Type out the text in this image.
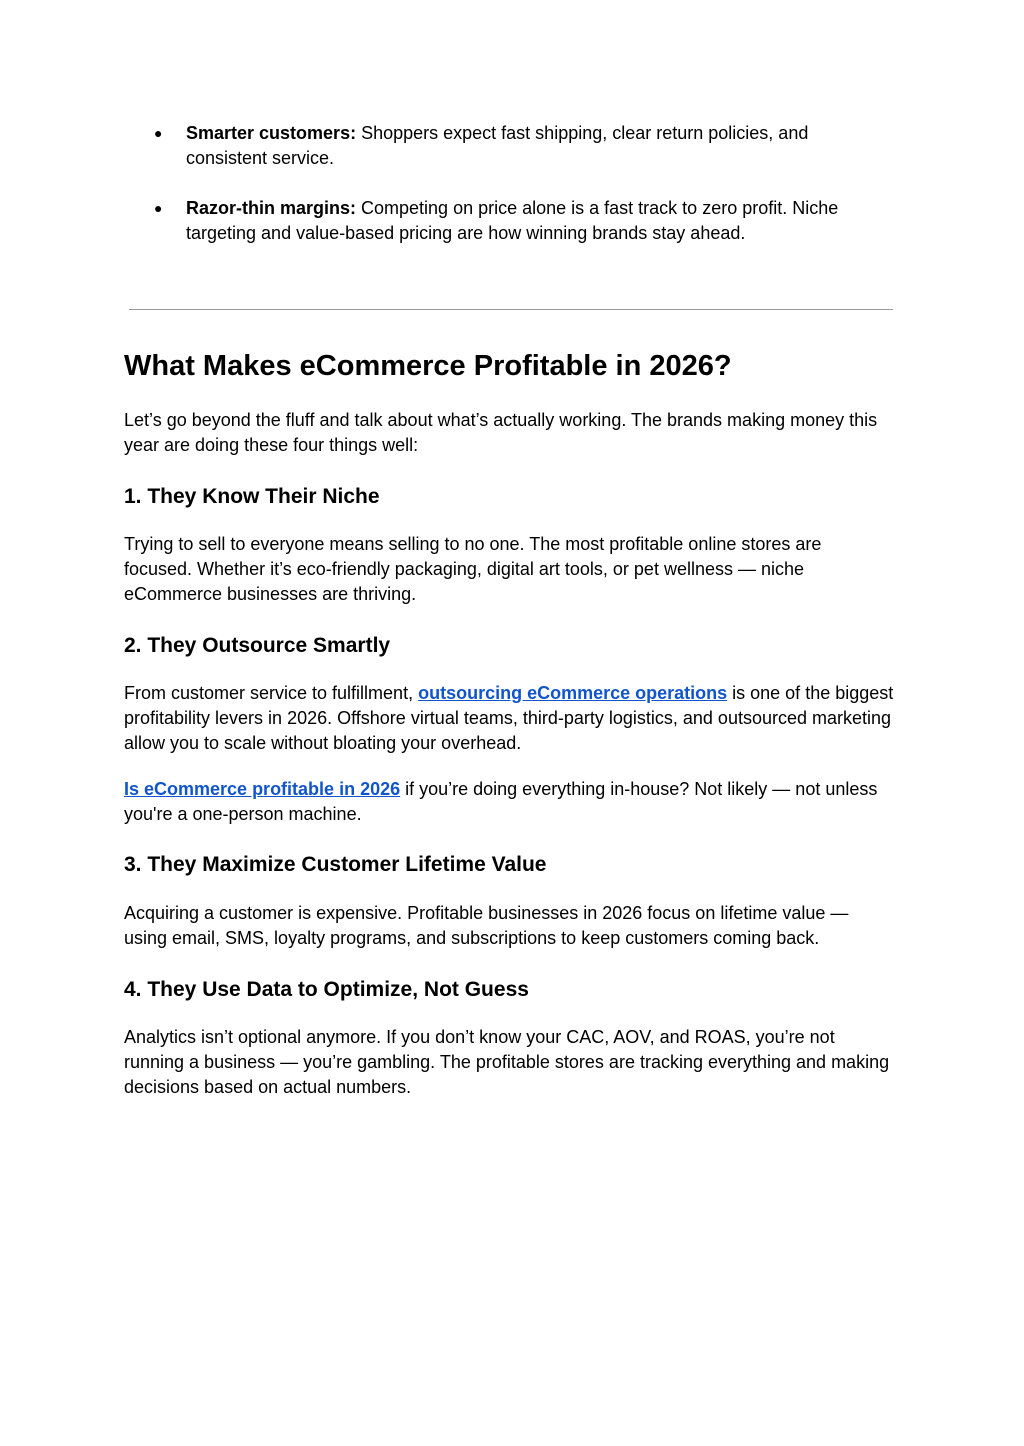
● Smarter customers: Shoppers expect fast shipping, clear return policies, and consistent service.
● Razor-thin margins: Competing on price alone is a fast track to zero profit. Niche targeting and value-based pricing are how winning brands stay ahead.
What Makes eCommerce Profitable in 2026?

Let’s go beyond the fluff and talk about what’s actually working. The brands making money this year are doing these four things well:

1. They Know Their Niche

Trying to sell to everyone means selling to no one. The most profitable online stores are focused. Whether it’s eco-friendly packaging, digital art tools, or pet wellness — niche eCommerce businesses are thriving.

2. They Outsource Smartly

From customer service to fulfillment, outsourcing eCommerce operations is one of the biggest profitability levers in 2026. Offshore virtual teams, third-party logistics, and outsourced marketing allow you to scale without bloating your overhead.

Is eCommerce profitable in 2026 if you’re doing everything in-house? Not likely — not unless you're a one-person machine.

3. They Maximize Customer Lifetime Value

Acquiring a customer is expensive. Profitable businesses in 2026 focus on lifetime value — using email, SMS, loyalty programs, and subscriptions to keep customers coming back.

4. They Use Data to Optimize, Not Guess

Analytics isn’t optional anymore. If you don’t know your CAC, AOV, and ROAS, you’re not running a business — you’re gambling. The profitable stores are tracking everything and making decisions based on actual numbers.
